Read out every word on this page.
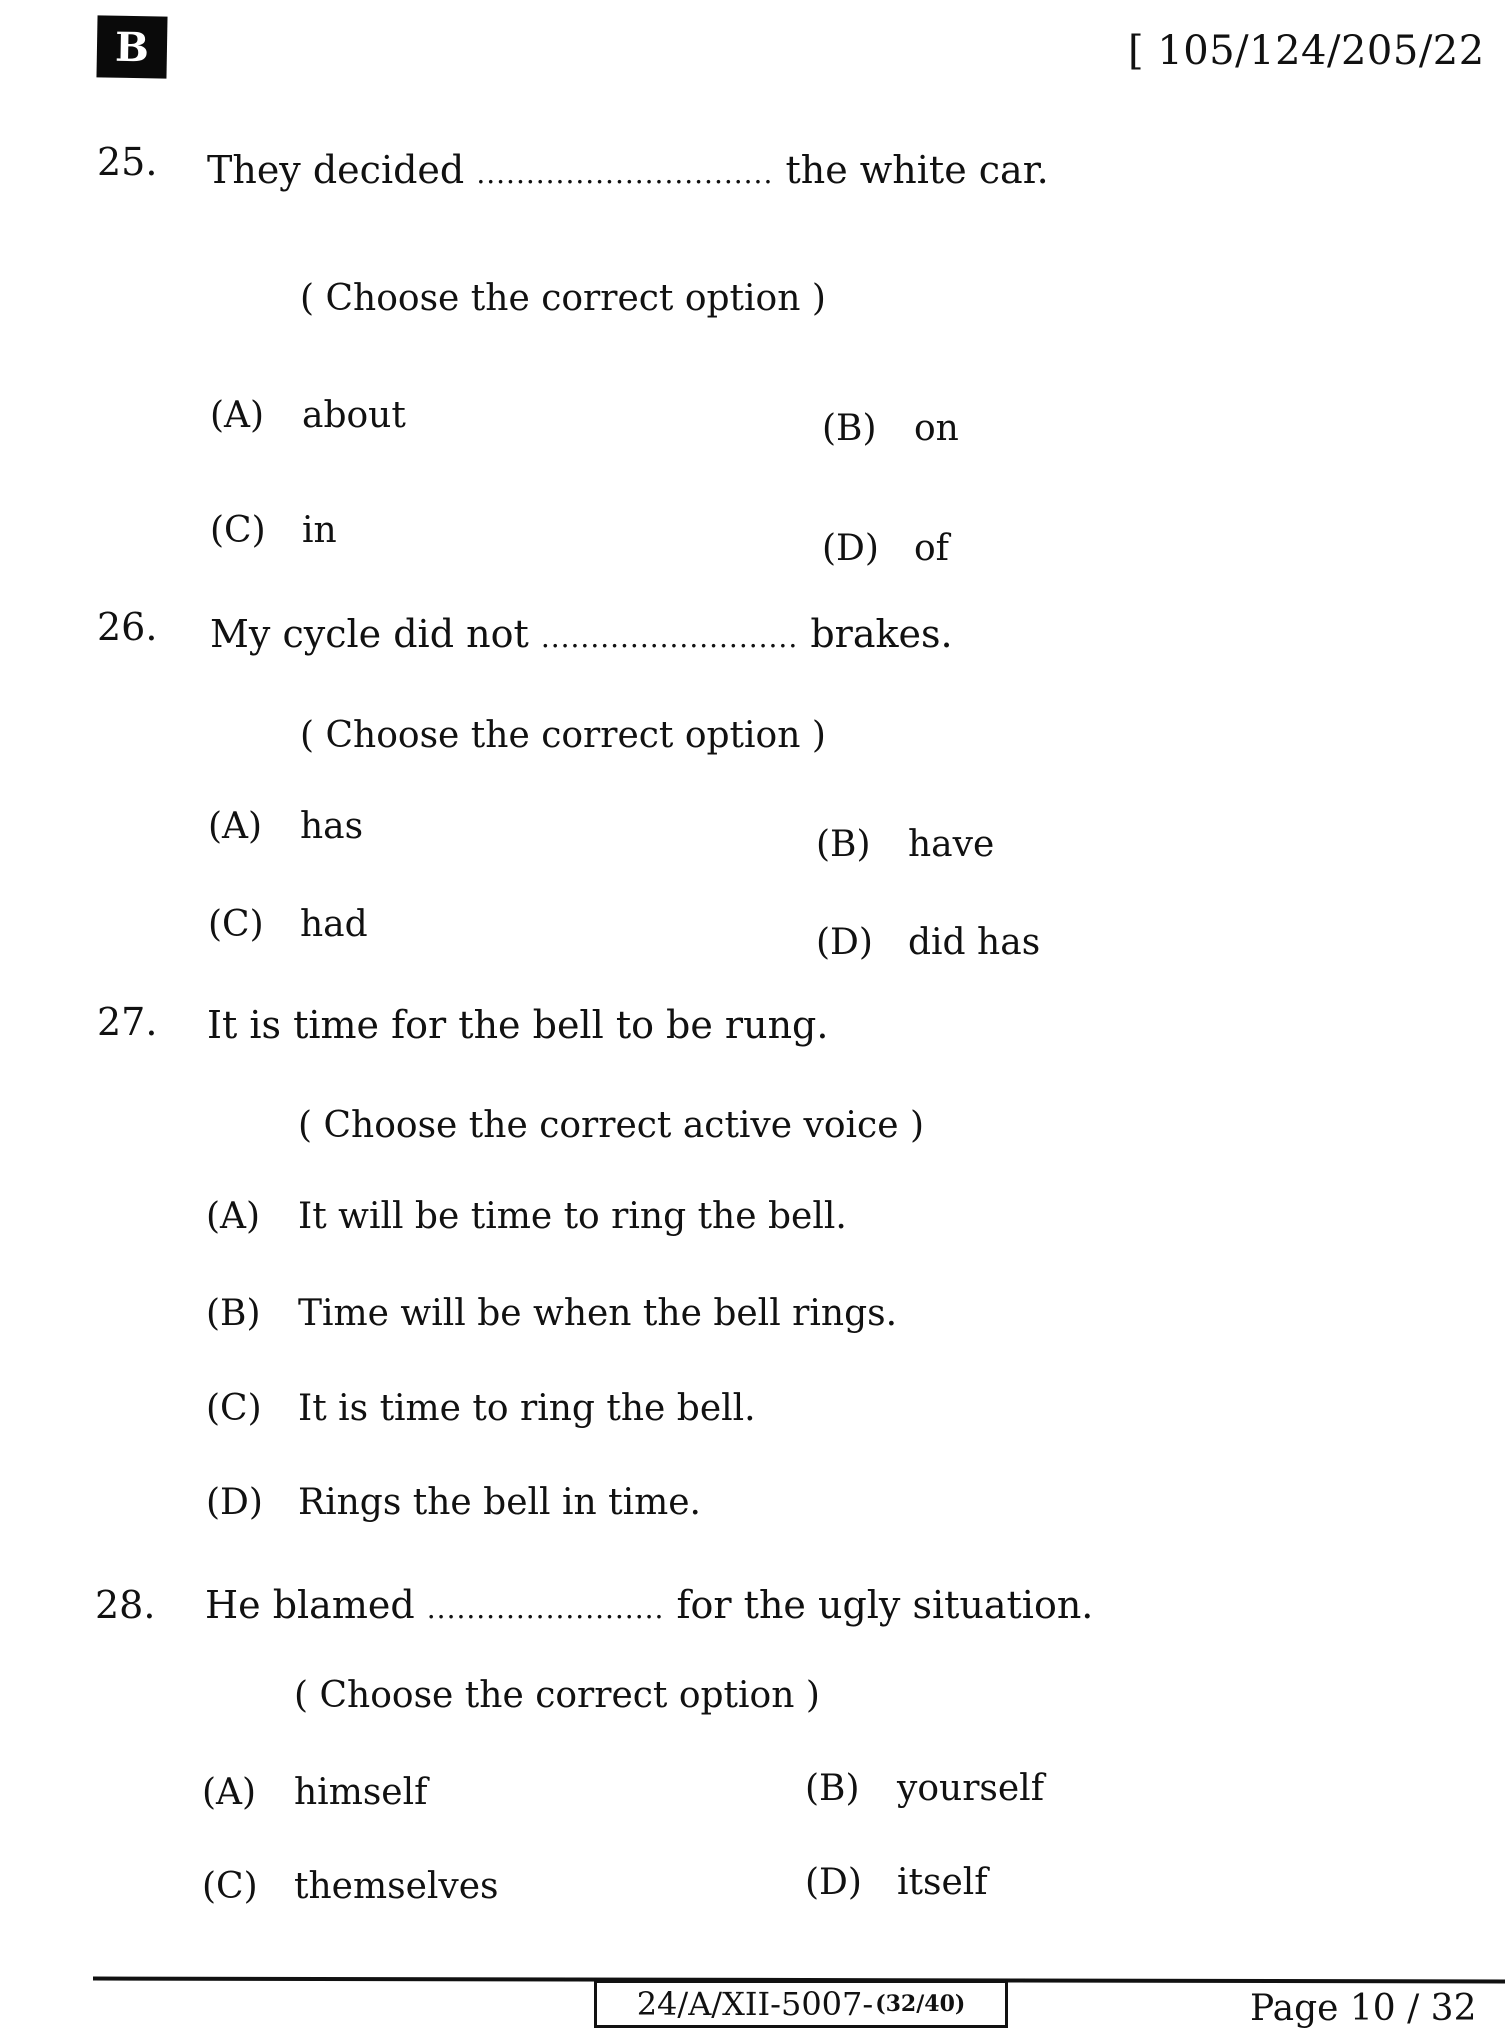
B	[ 105/124/205/22
25. They decided .............................. the white car.
( Choose the correct option )
(A) about	(B) on
(C) in	(D) of
26. My cycle did not .......................... brakes.
( Choose the correct option )
(A) has	(B) have
(C) had	(D) did has
27. It is time for the bell to be rung.
( Choose the correct active voice )
(A) It will be time to ring the bell.
(B) Time will be when the bell rings.
(C) It is time to ring the bell.
(D) Rings the bell in time.
28. He blamed ........................ for the ugly situation.
( Choose the correct option )
(A) himself	(B) yourself
(C) themselves	(D) itself
24/A/XII-5007- (32/40)	Page 10 / 32
